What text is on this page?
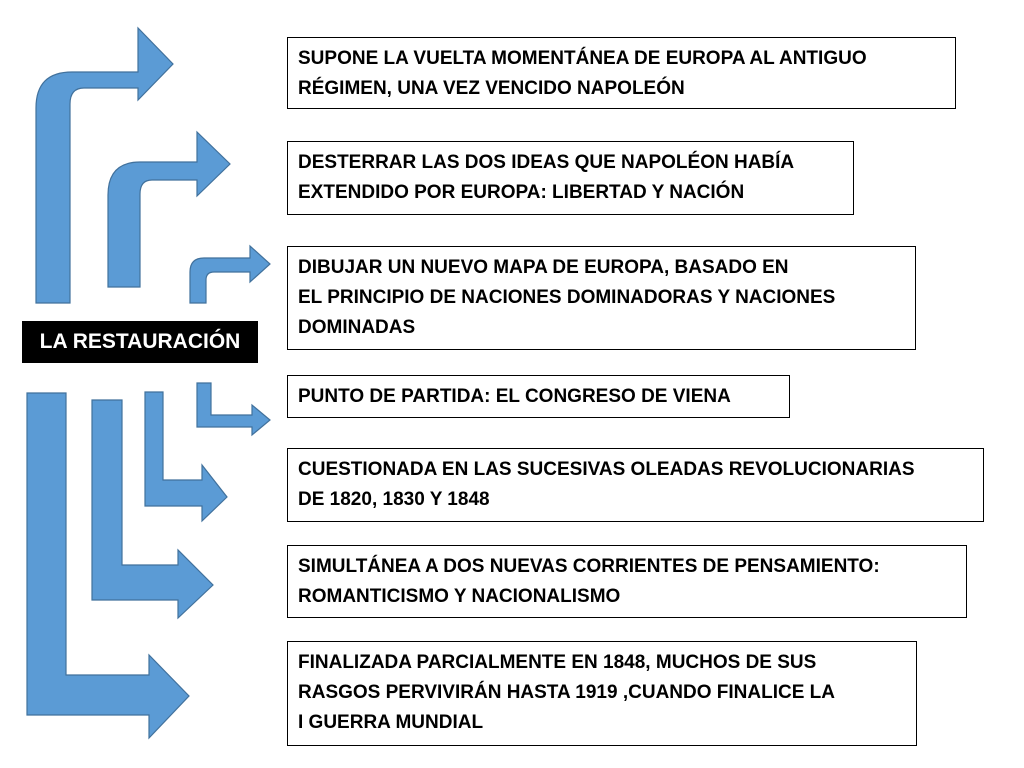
LA RESTAURACIÓN
SUPONE LA VUELTA MOMENTÁNEA DE EUROPA AL ANTIGUO
RÉGIMEN, UNA VEZ VENCIDO NAPOLEÓN
DESTERRAR LAS DOS IDEAS QUE NAPOLÉON HABÍA
EXTENDIDO POR EUROPA: LIBERTAD Y NACIÓN
DIBUJAR UN NUEVO MAPA DE EUROPA, BASADO EN
EL PRINCIPIO DE NACIONES DOMINADORAS Y NACIONES
DOMINADAS
PUNTO DE PARTIDA: EL CONGRESO DE VIENA
CUESTIONADA EN LAS SUCESIVAS OLEADAS REVOLUCIONARIAS
DE 1820, 1830 Y 1848
SIMULTÁNEA A DOS NUEVAS CORRIENTES DE PENSAMIENTO:
ROMANTICISMO Y NACIONALISMO
FINALIZADA PARCIALMENTE EN 1848, MUCHOS DE SUS
RASGOS PERVIVIRÁN HASTA 1919 ,CUANDO FINALICE LA
I GUERRA MUNDIAL
